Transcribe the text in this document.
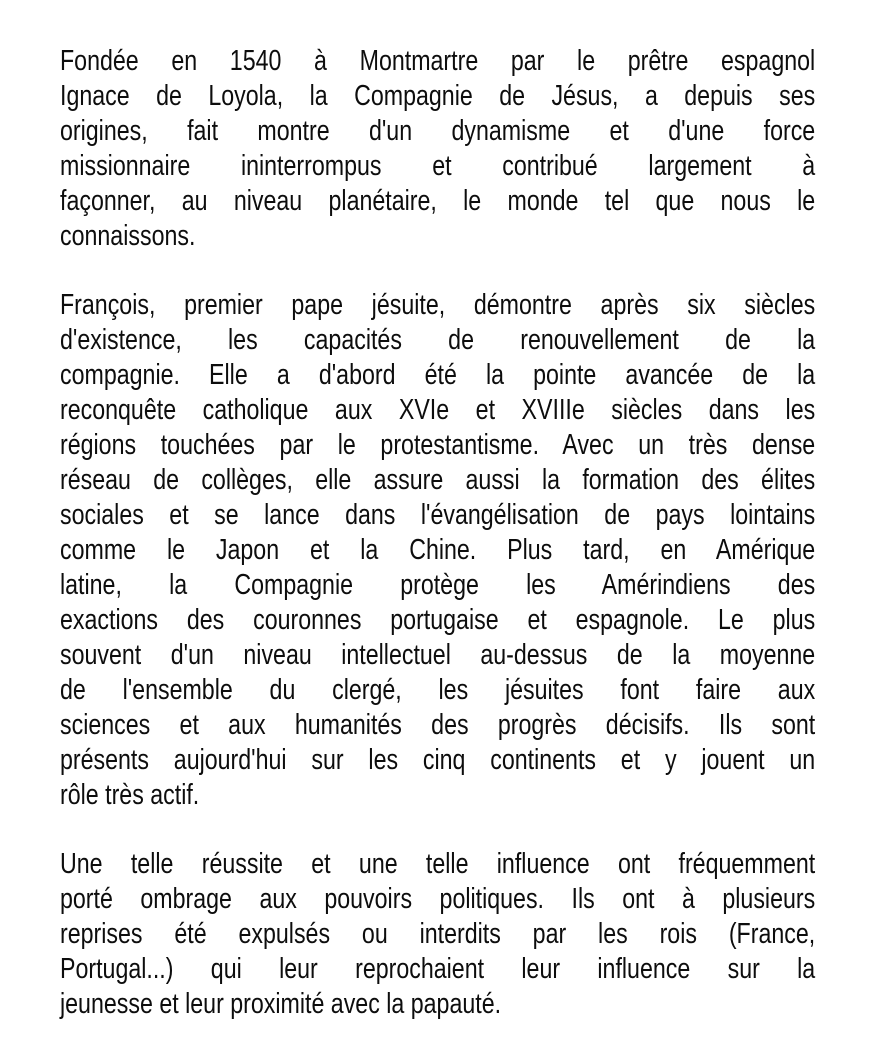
Fondée en 1540 à Montmartre par le prêtre espagnol
Ignace de Loyola, la Compagnie de Jésus, a depuis ses
origines, fait montre d'un dynamisme et d'une force
missionnaire ininterrompus et contribué largement à
façonner, au niveau planétaire, le monde tel que nous le
connaissons.
François, premier pape jésuite, démontre après six siècles
d'existence, les capacités de renouvellement de la
compagnie. Elle a d'abord été la pointe avancée de la
reconquête catholique aux XVIe et XVIIIe siècles dans les
régions touchées par le protestantisme. Avec un très dense
réseau de collèges, elle assure aussi la formation des élites
sociales et se lance dans l'évangélisation de pays lointains
comme le Japon et la Chine. Plus tard, en Amérique
latine, la Compagnie protège les Amérindiens des
exactions des couronnes portugaise et espagnole. Le plus
souvent d'un niveau intellectuel au-dessus de la moyenne
de l'ensemble du clergé, les jésuites font faire aux
sciences et aux humanités des progrès décisifs. Ils sont
présents aujourd'hui sur les cinq continents et y jouent un
rôle très actif.
Une telle réussite et une telle influence ont fréquemment
porté ombrage aux pouvoirs politiques. Ils ont à plusieurs
reprises été expulsés ou interdits par les rois (France,
Portugal...) qui leur reprochaient leur influence sur la
jeunesse et leur proximité avec la papauté.
